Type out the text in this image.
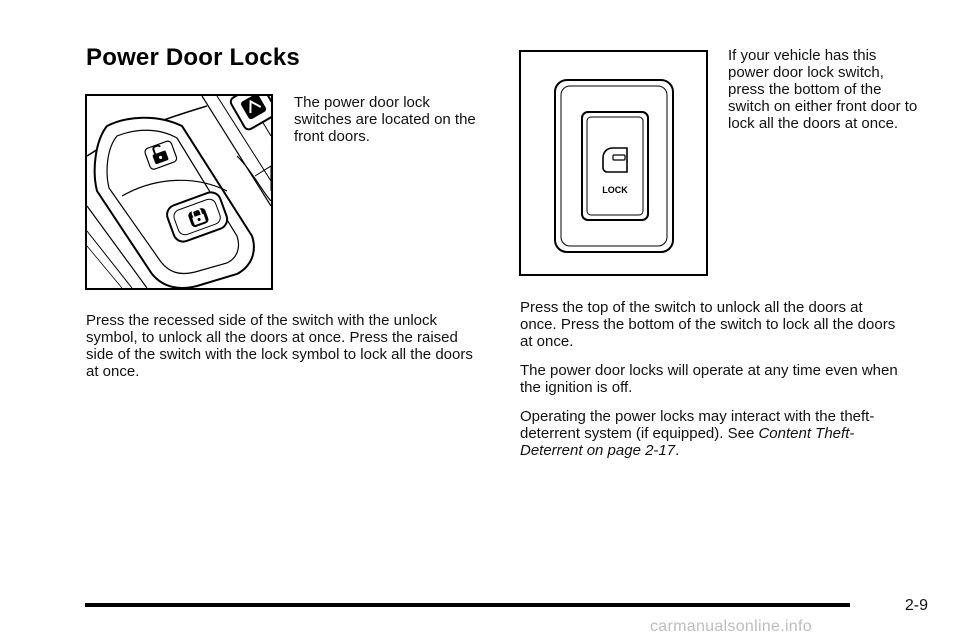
Power Door Locks
The power door lock switches are located on the front doors.
Press the recessed side of the switch with the unlock symbol, to unlock all the doors at once. Press the raised side of the switch with the lock symbol to lock all the doors at once.
LOCK
If your vehicle has this power door lock switch, press the bottom of the switch on either front door to lock all the doors at once.

Press the top of the switch to unlock all the doors at once. Press the bottom of the switch to lock all the doors at once.

The power door locks will operate at any time even when the ignition is off.

Operating the power locks may interact with the theft-deterrent system (if equipped). See Content Theft-Deterrent on page 2-17.

2-9
carmanualsonline.info
